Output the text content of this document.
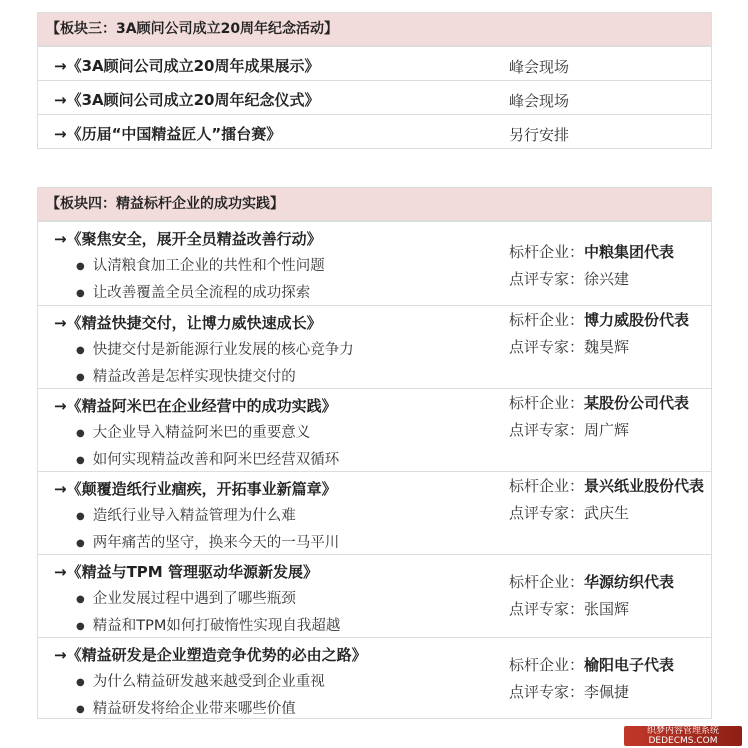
【板块三：3A顾问公司成立20周年纪念活动】
→《3A顾问公司成立20周年成果展示》	峰会现场
→《3A顾问公司成立20周年纪念仪式》	峰会现场
→《历届“中国精益匠人”擂台赛》	另行安排
【板块四：精益标杆企业的成功实践】
→《聚焦安全，展开全员精益改善行动》
● 认清粮食加工企业的共性和个性问题
● 让改善覆盖全员全流程的成功探索
标杆企业：中粮集团代表
点评专家：徐兴建
→《精益快捷交付，让博力威快速成长》
● 快捷交付是新能源行业发展的核心竞争力
● 精益改善是怎样实现快捷交付的
标杆企业：博力威股份代表
点评专家：魏昊辉
→《精益阿米巴在企业经营中的成功实践》
● 大企业导入精益阿米巴的重要意义
● 如何实现精益改善和阿米巴经营双循环
标杆企业：某股份公司代表
点评专家：周广辉
→《颠覆造纸行业痼疾，开拓事业新篇章》
● 造纸行业导入精益管理为什么难
● 两年痛苦的坚守，换来今天的一马平川
标杆企业：景兴纸业股份代表
点评专家：武庆生
→《精益与TPM 管理驱动华源新发展》
● 企业发展过程中遇到了哪些瓶颈
● 精益和TPM如何打破惰性实现自我超越
标杆企业：华源纺织代表
点评专家：张国辉
→《精益研发是企业塑造竞争优势的必由之路》
● 为什么精益研发越来越受到企业重视
● 精益研发将给企业带来哪些价值
标杆企业：榆阳电子代表
点评专家：李佩捷
织梦内容管理系统
DEDECMS.COM
